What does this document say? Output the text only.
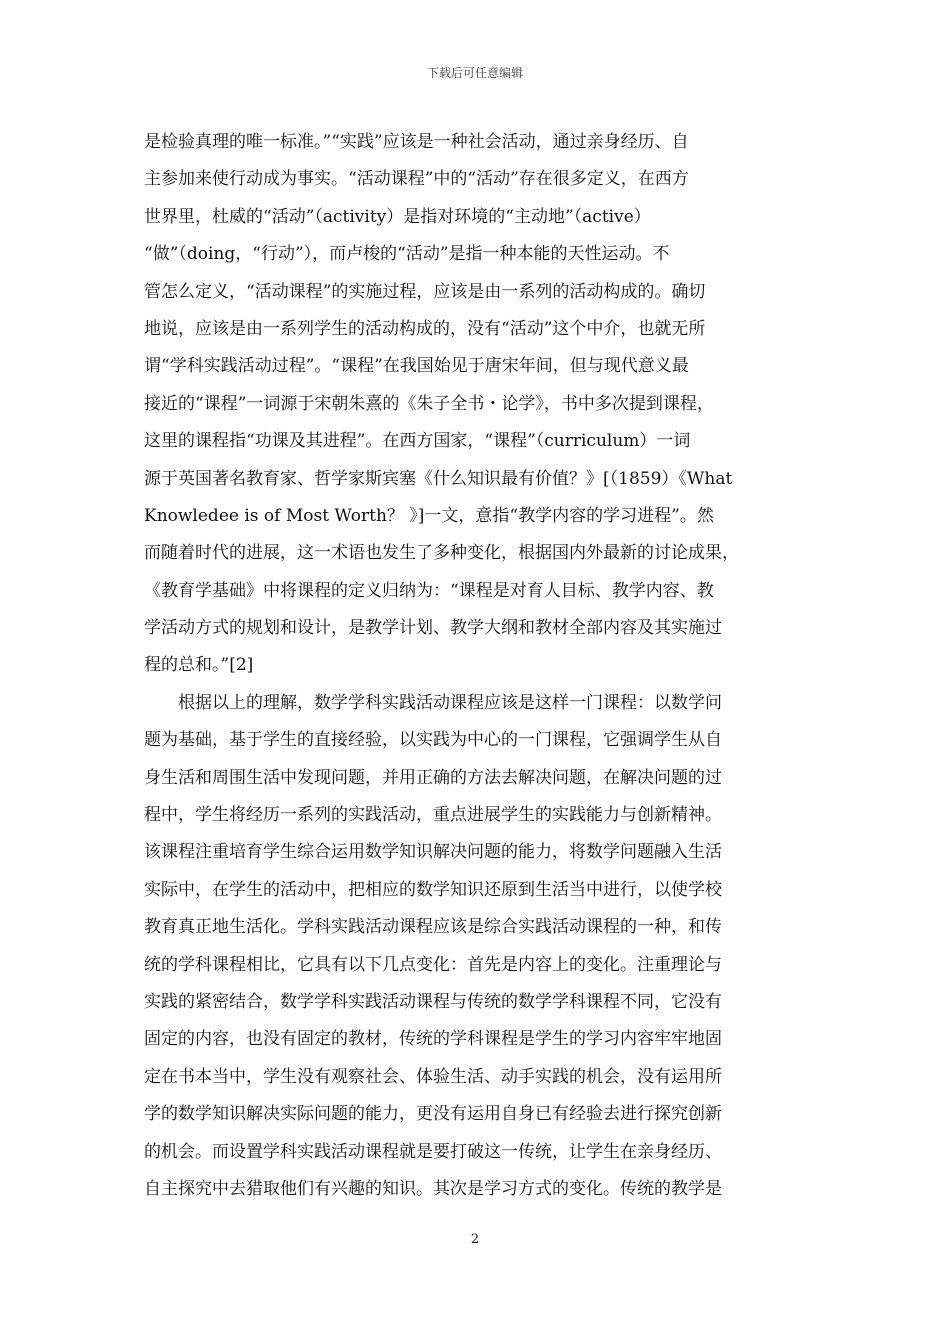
下载后可任意编辑
是检验真理的唯一标准。”“实践”应该是一种社会活动，通过亲身经历、自
主参加来使行动成为事实。“活动课程”中的“活动”存在很多定义，在西方
世界里，杜威的“活动”（activity）是指对环境的“主动地”（active）
“做”（doing，“行动”），而卢梭的“活动”是指一种本能的天性运动。不
管怎么定义，“活动课程”的实施过程，应该是由一系列的活动构成的。确切
地说，应该是由一系列学生的活动构成的，没有“活动”这个中介，也就无所
谓“学科实践活动过程”。“课程”在我国始见于唐宋年间，但与现代意义最
接近的“课程”一词源于宋朝朱熹的《朱子全书・论学》，书中多次提到课程，
这里的课程指“功课及其进程”。在西方国家，“课程”（curriculum）一词
源于英国著名教育家、哲学家斯宾塞《什么知识最有价值？》[（1859）《What
Knowledee is of Most Worth？ 》]一文，意指“教学内容的学习进程”。然
而随着时代的进展，这一术语也发生了多种变化，根据国内外最新的讨论成果，
《教育学基础》中将课程的定义归纳为：“课程是对育人目标、教学内容、教
学活动方式的规划和设计，是教学计划、教学大纲和教材全部内容及其实施过
程的总和。”[2]
根据以上的理解，数学学科实践活动课程应该是这样一门课程：以数学问
题为基础，基于学生的直接经验，以实践为中心的一门课程，它强调学生从自
身生活和周围生活中发现问题，并用正确的方法去解决问题，在解决问题的过
程中，学生将经历一系列的实践活动，重点进展学生的实践能力与创新精神。
该课程注重培育学生综合运用数学知识解决问题的能力，将数学问题融入生活
实际中，在学生的活动中，把相应的数学知识还原到生活当中进行，以使学校
教育真正地生活化。学科实践活动课程应该是综合实践活动课程的一种，和传
统的学科课程相比，它具有以下几点变化：首先是内容上的变化。注重理论与
实践的紧密结合，数学学科实践活动课程与传统的数学学科课程不同，它没有
固定的内容，也没有固定的教材，传统的学科课程是学生的学习内容牢牢地固
定在书本当中，学生没有观察社会、体验生活、动手实践的机会，没有运用所
学的数学知识解决实际问题的能力，更没有运用自身已有经验去进行探究创新
的机会。而设置学科实践活动课程就是要打破这一传统，让学生在亲身经历、
自主探究中去猎取他们有兴趣的知识。其次是学习方式的变化。传统的教学是
2
